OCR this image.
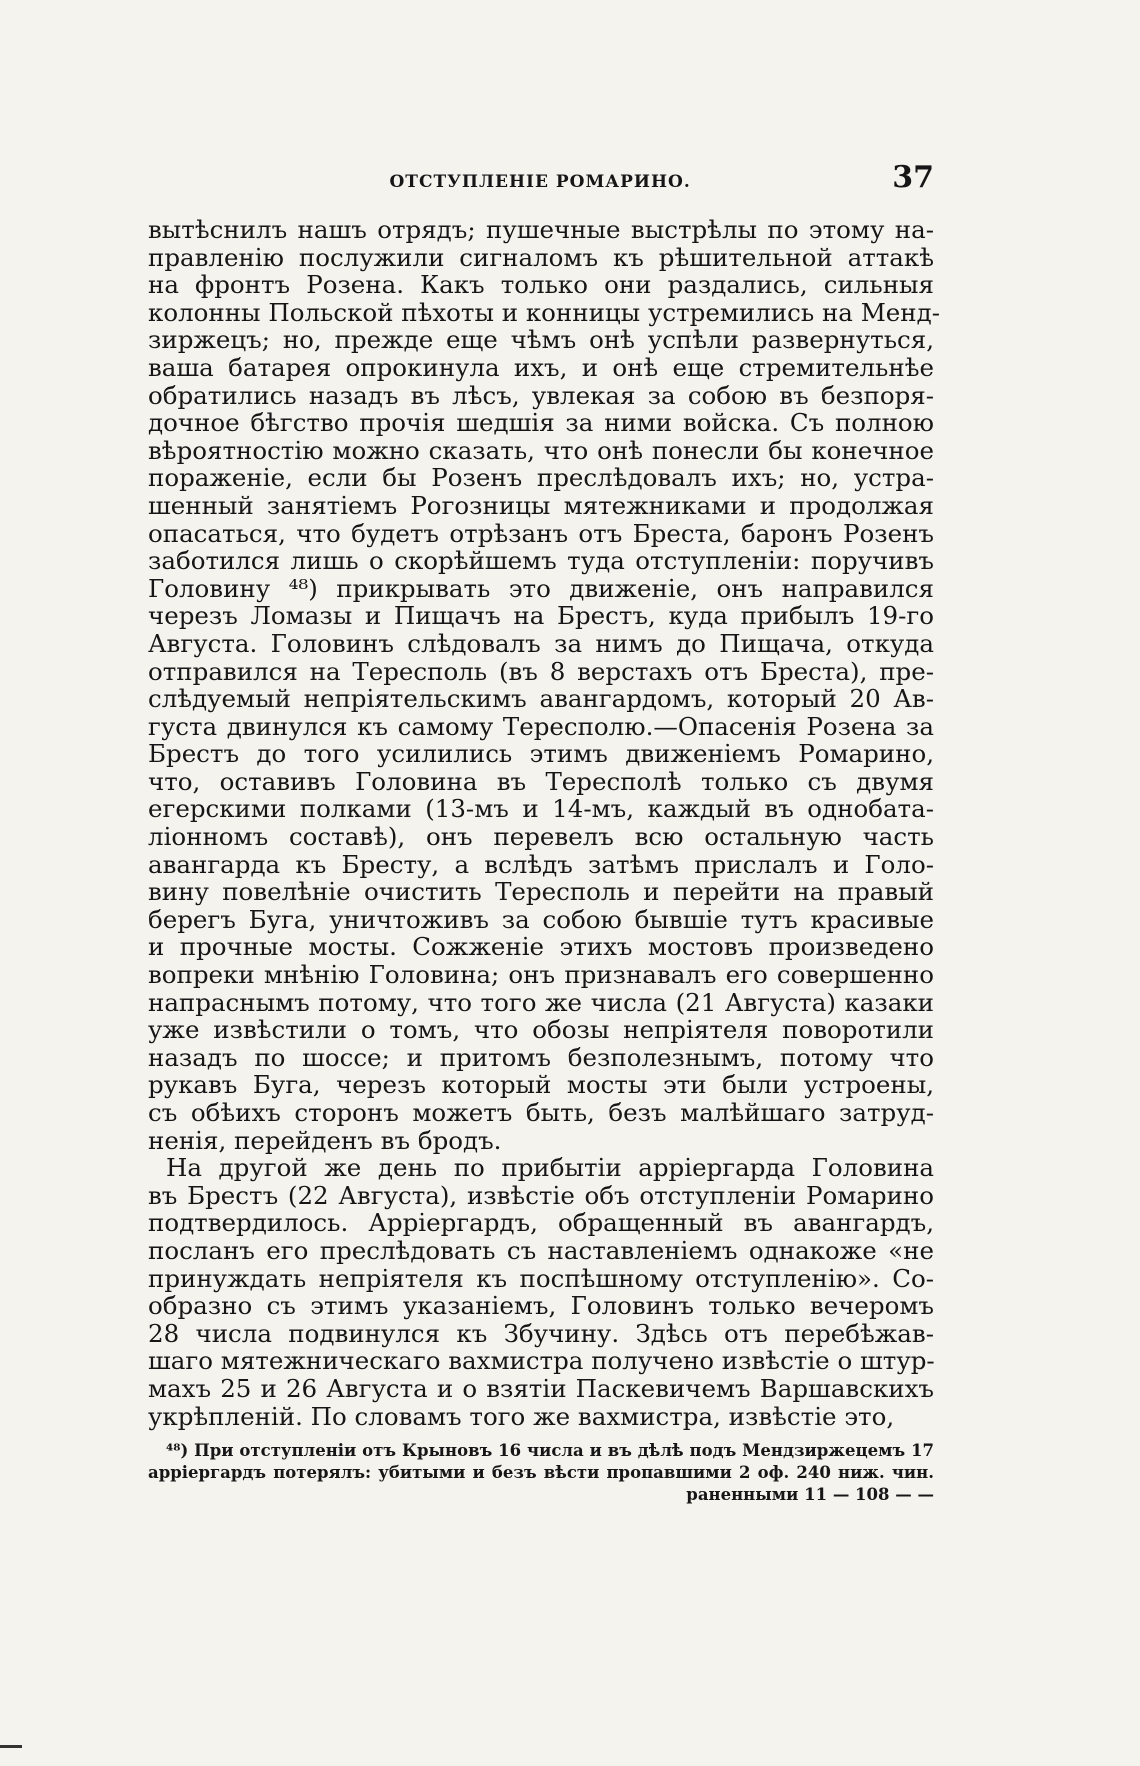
ОТСТУПЛЕНІЕ РОМАРИНО.	37
вытѣснилъ нашъ отрядъ; пушечные выстрѣлы по этому на-
правленію послужили сигналомъ къ рѣшительной аттакѣ
на фронтъ Розена. Какъ только они раздались, сильныя
колонны Польской пѣхоты и конницы устремились на Менд-
зиржецъ; но, прежде еще чѣмъ онѣ успѣли развернуться,
ваша батарея опрокинула ихъ, и онѣ еще стремительнѣе
обратились назадъ въ лѣсъ, увлекая за собою въ безпоря-
дочное бѣгство прочія шедшія за ними войска. Съ полною
вѣроятностію можно сказать, что онѣ понесли бы конечное
пораженіе, если бы Розенъ преслѣдовалъ ихъ; но, устра-
шенный занятіемъ Рогозницы мятежниками и продолжая
опасаться, что будетъ отрѣзанъ отъ Бреста, баронъ Розенъ
заботился лишь о скорѣйшемъ туда отступленіи: поручивъ
Головину ⁴⁸) прикрывать это движеніе, онъ направился
черезъ Ломазы и Пищачъ на Брестъ, куда прибылъ 19-го
Августа. Головинъ слѣдовалъ за нимъ до Пищача, откуда
отправился на Тересполь (въ 8 верстахъ отъ Бреста), пре-
слѣдуемый непріятельскимъ авангардомъ, который 20 Ав-
густа двинулся къ самому Тересполю.—Опасенія Розена за
Брестъ до того усилились этимъ движеніемъ Ромарино,
что, оставивъ Головина въ Тересполѣ только съ двумя
егерскими полками (13-мъ и 14-мъ, каждый въ однобата-
ліонномъ составѣ), онъ перевелъ всю остальную часть
авангарда къ Бресту, а вслѣдъ затѣмъ прислалъ и Голо-
вину повелѣніе очистить Тересполь и перейти на правый
берегъ Буга, уничтоживъ за собою бывшіе тутъ красивые
и прочные мосты. Сожженіе этихъ мостовъ произведено
вопреки мнѣнію Головина; онъ признавалъ его совершенно
напраснымъ потому, что того же числа (21 Августа) казаки
уже извѣстили о томъ, что обозы непріятеля поворотили
назадъ по шоссе; и притомъ безполезнымъ, потому что
рукавъ Буга, черезъ который мосты эти были устроены,
съ обѣихъ сторонъ можетъ быть, безъ малѣйшаго затруд-
ненія, перейденъ въ бродъ.
На другой же день по прибытіи арріергарда Головина
въ Брестъ (22 Августа), извѣстіе объ отступленіи Ромарино
подтвердилось. Арріергардъ, обращенный въ авангардъ,
посланъ его преслѣдовать съ наставленіемъ однакоже «не
принуждать непріятеля къ поспѣшному отступленію». Со-
образно съ этимъ указаніемъ, Головинъ только вечеромъ
28 числа подвинулся къ Збучину. Здѣсь отъ перебѣжав-
шаго мятежническаго вахмистра получено извѣстіе о штур-
махъ 25 и 26 Августа и о взятіи Паскевичемъ Варшавскихъ
укрѣпленій. По словамъ того же вахмистра, извѣстіе это,
⁴⁸) При отступленіи отъ Крыновъ 16 числа и въ дѣлѣ подъ Мендзиржецемъ 17
арріергардъ потерялъ: убитыми и безъ вѣсти пропавшими 2 оф. 240 ниж. чин.
раненными 11 — 108 — —
